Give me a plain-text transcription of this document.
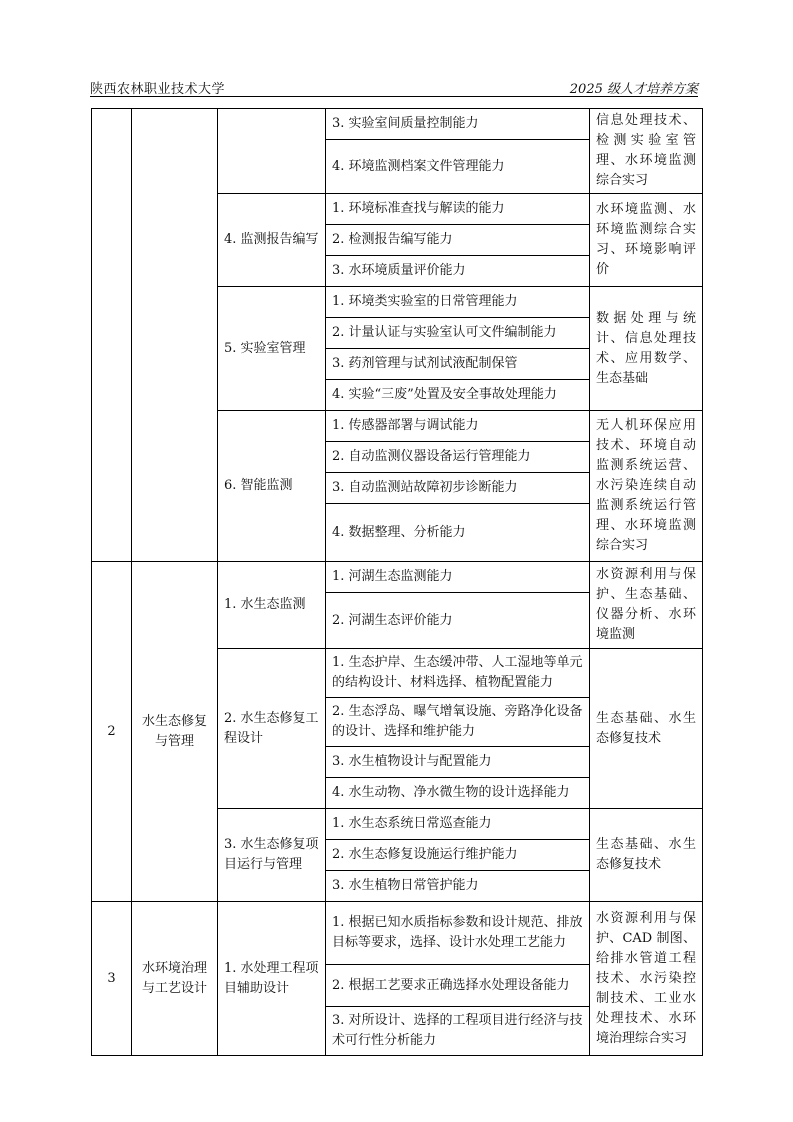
陕西农林职业技术大学	2025 级人才培养方案
			3. 实验室间质量控制能力	信息处理技术、检测实验室管理、水环境监测综合实习
			4. 环境监测档案文件管理能力	
		4. 监测报告编写	1. 环境标准查找与解读的能力	水环境监测、水环境监测综合实习、环境影响评价
			2. 检测报告编写能力	
			3. 水环境质量评价能力	
		5. 实验室管理	1. 环境类实验室的日常管理能力	数据处理与统计、信息处理技术、应用数学、生态基础
			2. 计量认证与实验室认可文件编制能力	
			3. 药剂管理与试剂试液配制保管	
			4. 实验“三废”处置及安全事故处理能力	
		6. 智能监测	1. 传感器部署与调试能力	无人机环保应用技术、环境自动监测系统运营、水污染连续自动监测系统运行管理、水环境监测综合实习
			2. 自动监测仪器设备运行管理能力	
			3. 自动监测站故障初步诊断能力	
			4. 数据整理、分析能力	
2	水生态修复与管理	1. 水生态监测	1. 河湖生态监测能力	水资源利用与保护、生态基础、仪器分析、水环境监测
			2. 河湖生态评价能力	
		2. 水生态修复工程设计	1. 生态护岸、生态缓冲带、人工湿地等单元的结构设计、材料选择、植物配置能力	生态基础、水生态修复技术
			2. 生态浮岛、曝气增氧设施、旁路净化设备的设计、选择和维护能力	
			3. 水生植物设计与配置能力	
			4. 水生动物、净水微生物的设计选择能力	
		3. 水生态修复项目运行与管理	1. 水生态系统日常巡查能力	生态基础、水生态修复技术
			2. 水生态修复设施运行维护能力	
			3. 水生植物日常管护能力	
3	水环境治理与工艺设计	1. 水处理工程项目辅助设计	1. 根据已知水质指标参数和设计规范、排放目标等要求，选择、设计水处理工艺能力	水资源利用与保护、CAD 制图、给排水管道工程技术、水污染控制技术、工业水处理技术、水环境治理综合实习
			2. 根据工艺要求正确选择水处理设备能力	
			3. 对所设计、选择的工程项目进行经济与技术可行性分析能力	
